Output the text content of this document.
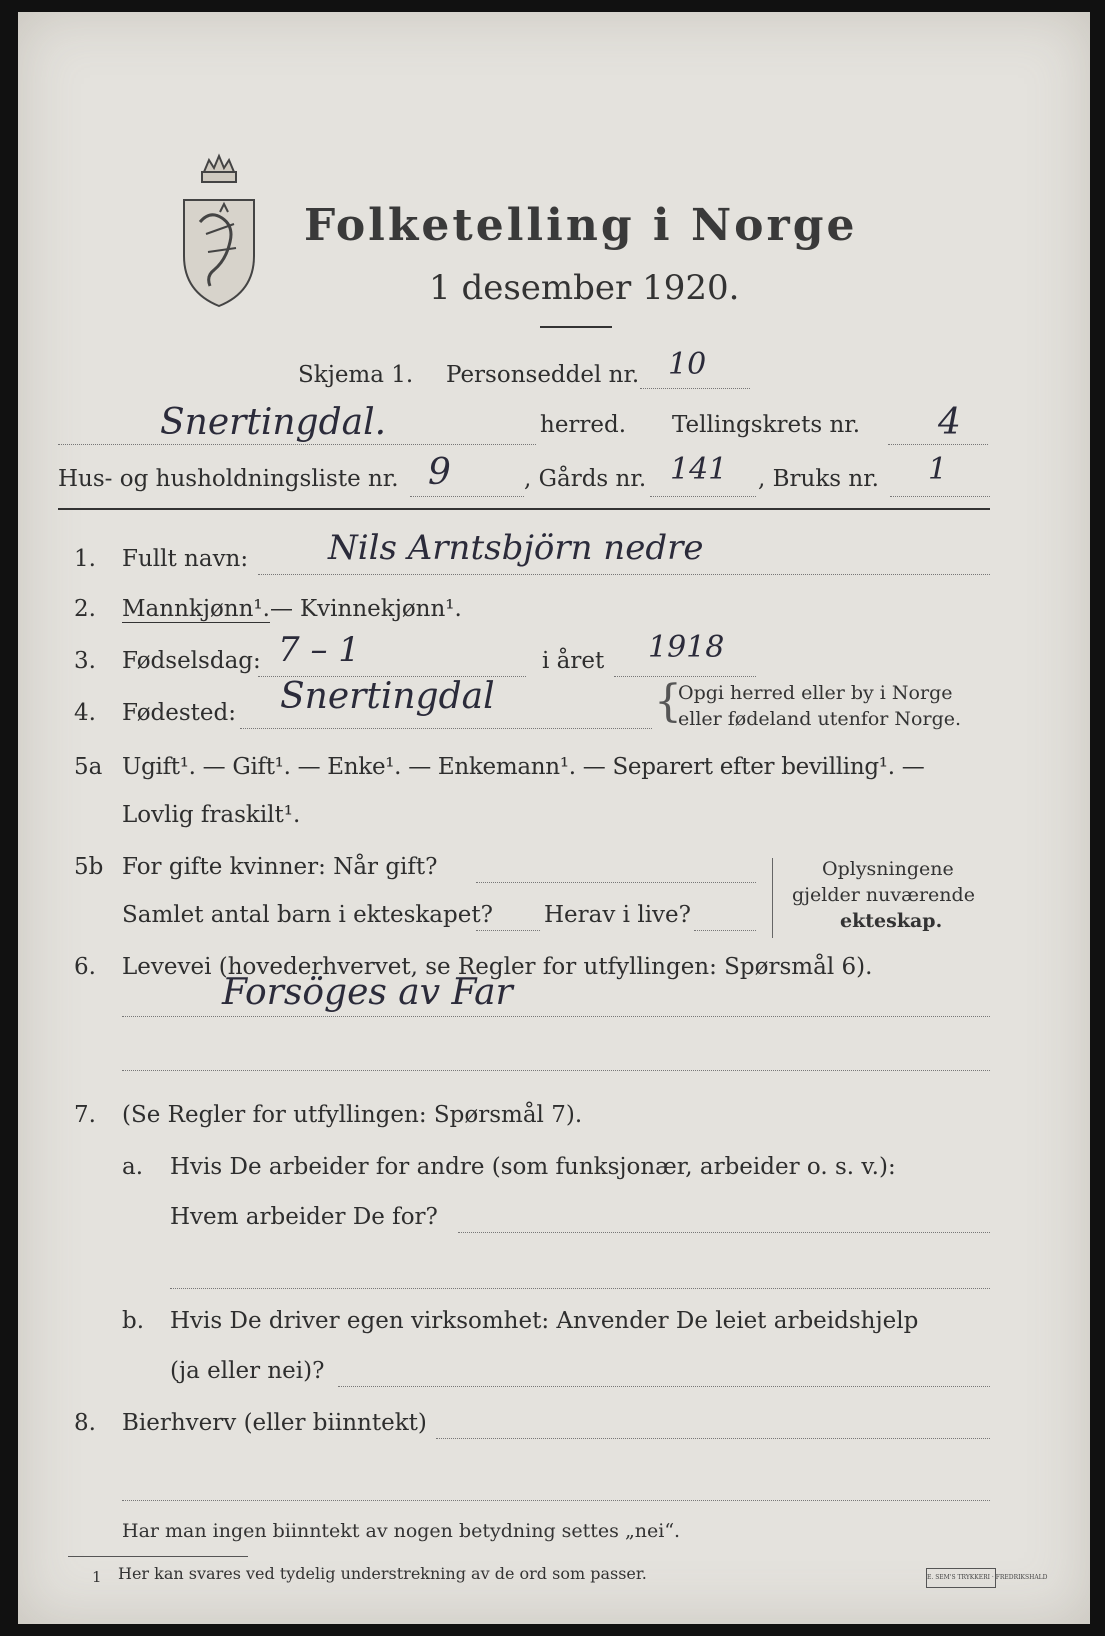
Folketelling i Norge
1 desember 1920.
Skjema 1. Personseddel nr. 10
Snertingdal.	herred. Tellingskrets nr. 4
Hus- og husholdningsliste nr. 9	, Gårds nr. 141 , Bruks nr. 1
1. Fullt navn: Nils Arntsbjörn nedre
2. Mannkjønn¹. — Kvinnekjønn¹.
3. Fødselsdag: 7 – 1	i året 1918
4. Fødested: Snertingdal	{
Opgi herred eller by i Norge
eller fødeland utenfor Norge.
5a Ugift¹. — Gift¹. — Enke¹. — Enkemann¹. — Separert efter bevilling¹. —
Lovlig fraskilt¹.
5b For gifte kvinner: Når gift?
Samlet antal barn i ekteskapet? Herav i live?
Oplysningene
gjelder nuværende
ekteskap.
6. Levevei (hovederhvervet, se Regler for utfyllingen: Spørsmål 6).
Forsöges av Far
7. (Se Regler for utfyllingen: Spørsmål 7).
a. Hvis De arbeider for andre (som funksjonær, arbeider o. s. v.):
Hvem arbeider De for?
b. Hvis De driver egen virksomhet: Anvender De leiet arbeidshjelp
(ja eller nei)?
8. Bierhverv (eller biinntekt)
Har man ingen biinntekt av nogen betydning settes „nei“.
1 Her kan svares ved tydelig understrekning av de ord som passer.	E. SEM'S TRYKKERI · FREDRIKSHALD
